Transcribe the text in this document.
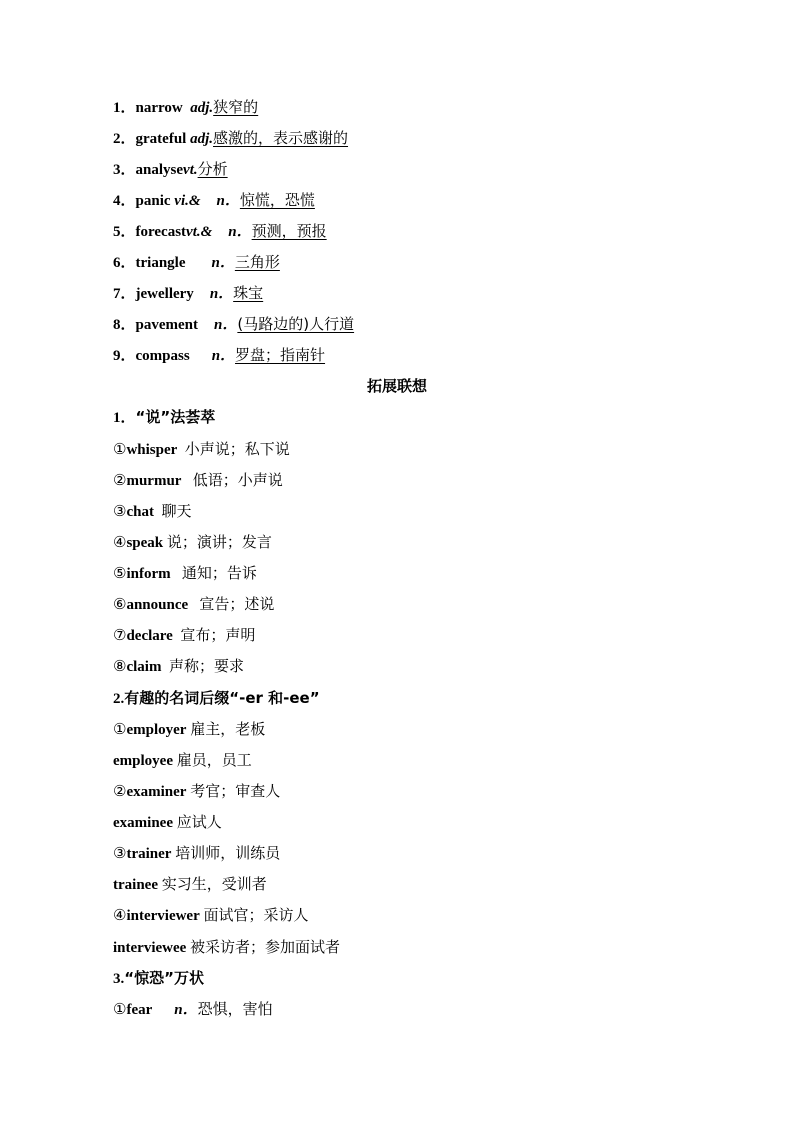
1．narrow adj.狭窄的
2．grateful adj.感激的，表示感谢的
3．analysevt.分析
4．panic vi.& n．惊慌，恐慌
5．forecastvt.& n．预测，预报
6．triangle n．三角形
7．jewellery n．珠宝
8．pavement n．(马路边的)人行道
9．compass n．罗盘；指南针
拓展联想
1．“说”法荟萃
①whisper 小声说；私下说
②murmur 低语；小声说
③chat 聊天
④speak 说；演讲；发言
⑤inform 通知；告诉
⑥announce 宣告；述说
⑦declare 宣布；声明
⑧claim 声称；要求
2.有趣的名词后缀“-er 和-ee”
①employer 雇主，老板
employee 雇员，员工
②examiner 考官；审查人
examinee 应试人
③trainer 培训师，训练员
trainee 实习生，受训者
④interviewer 面试官；采访人
interviewee 被采访者；参加面试者
3.“惊恐”万状
①fear n．恐惧，害怕
